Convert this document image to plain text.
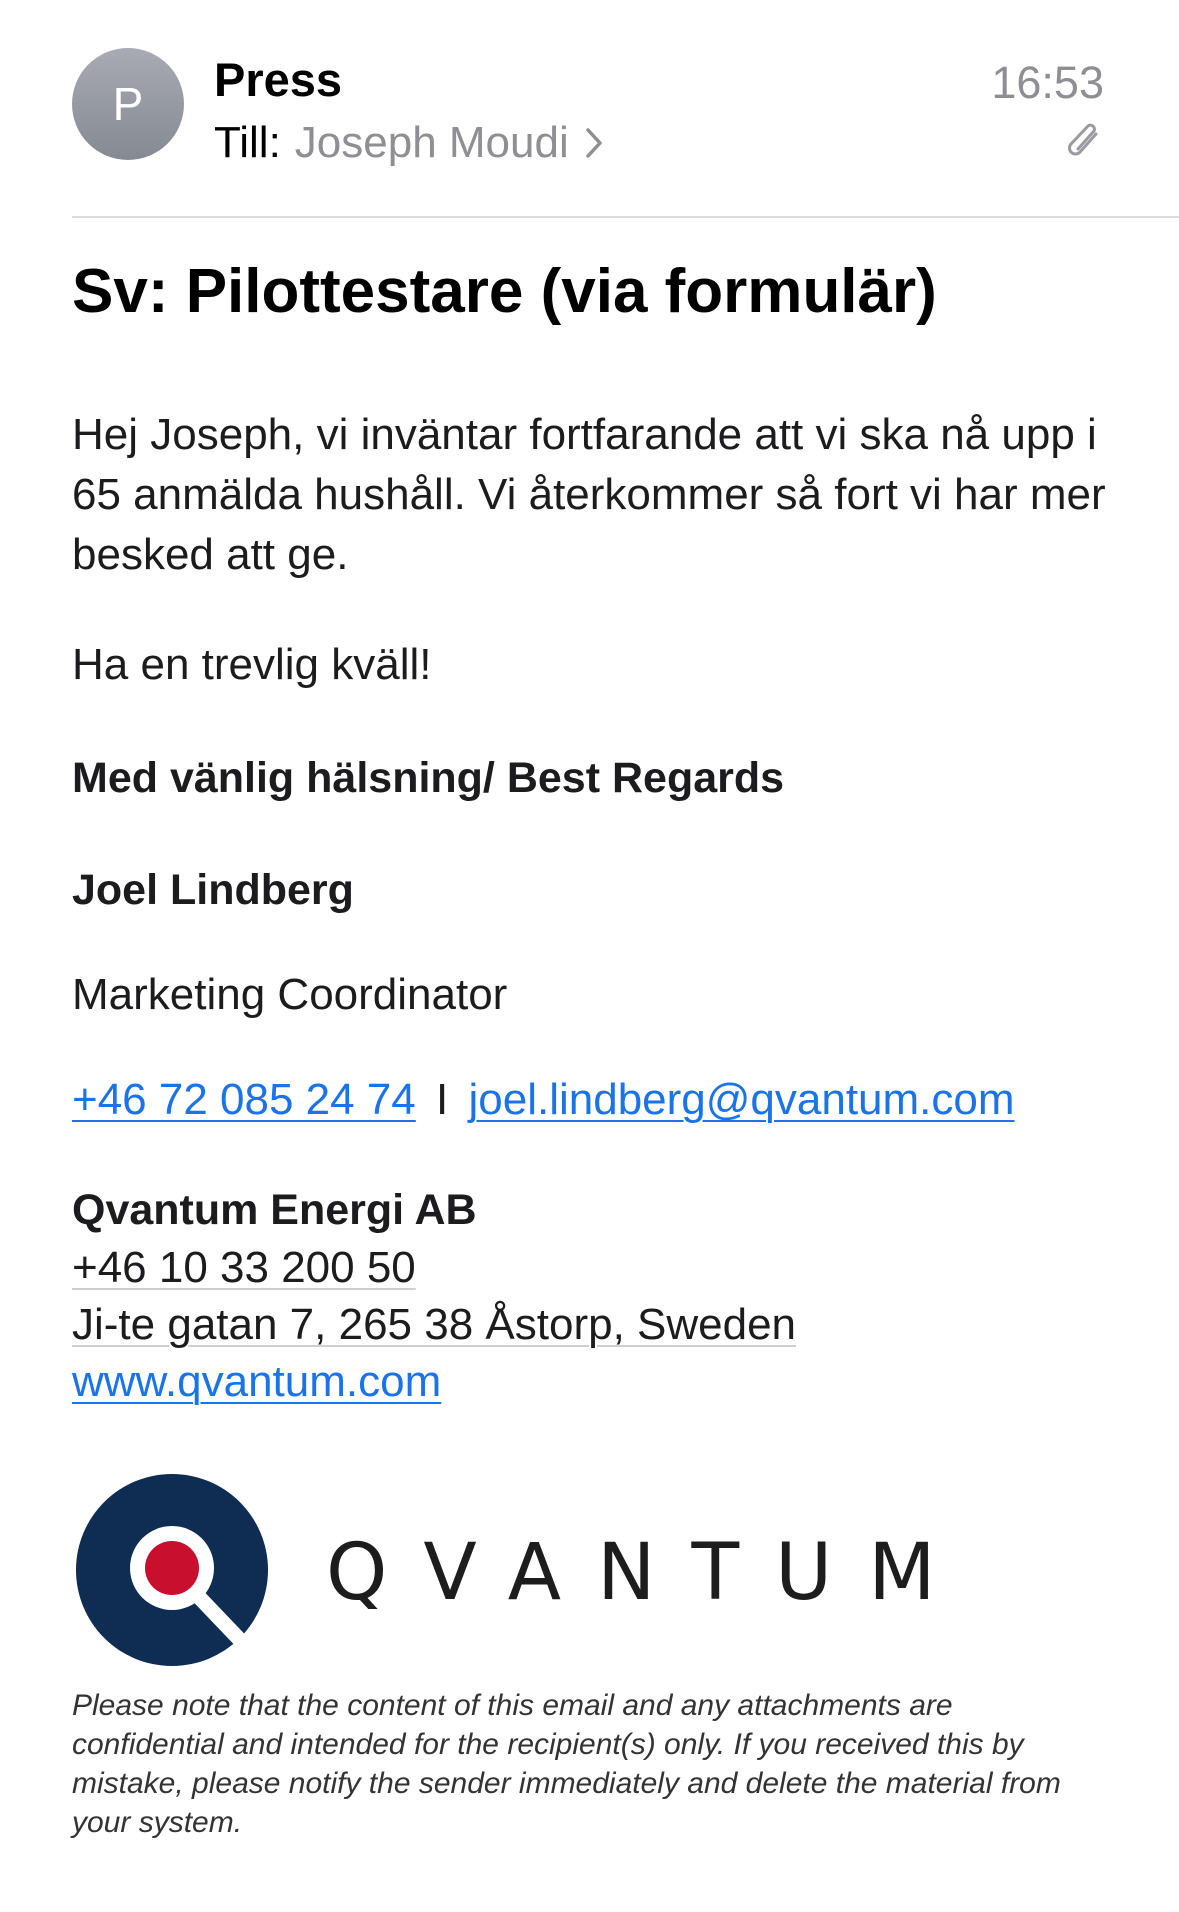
P Press
Till: Joseph Moudi
16:53
Sv: Pilottestare (via formulär)
Hej Joseph, vi inväntar fortfarande att vi ska nå upp i 65 anmälda hushåll. Vi återkommer så fort vi har mer besked att ge.
Ha en trevlig kväll!
Med vänlig hälsning/ Best Regards
Joel Lindberg
Marketing Coordinator
+46 72 085 24 74 I joel.lindberg@qvantum.com
Qvantum Energi AB
+46 10 33 200 50
Ji-te gatan 7, 265 38 Åstorp, Sweden
www.qvantum.com
QVANTUM
Please note that the content of this email and any attachments are confidential and intended for the recipient(s) only. If you received this by mistake, please notify the sender immediately and delete the material from your system.
